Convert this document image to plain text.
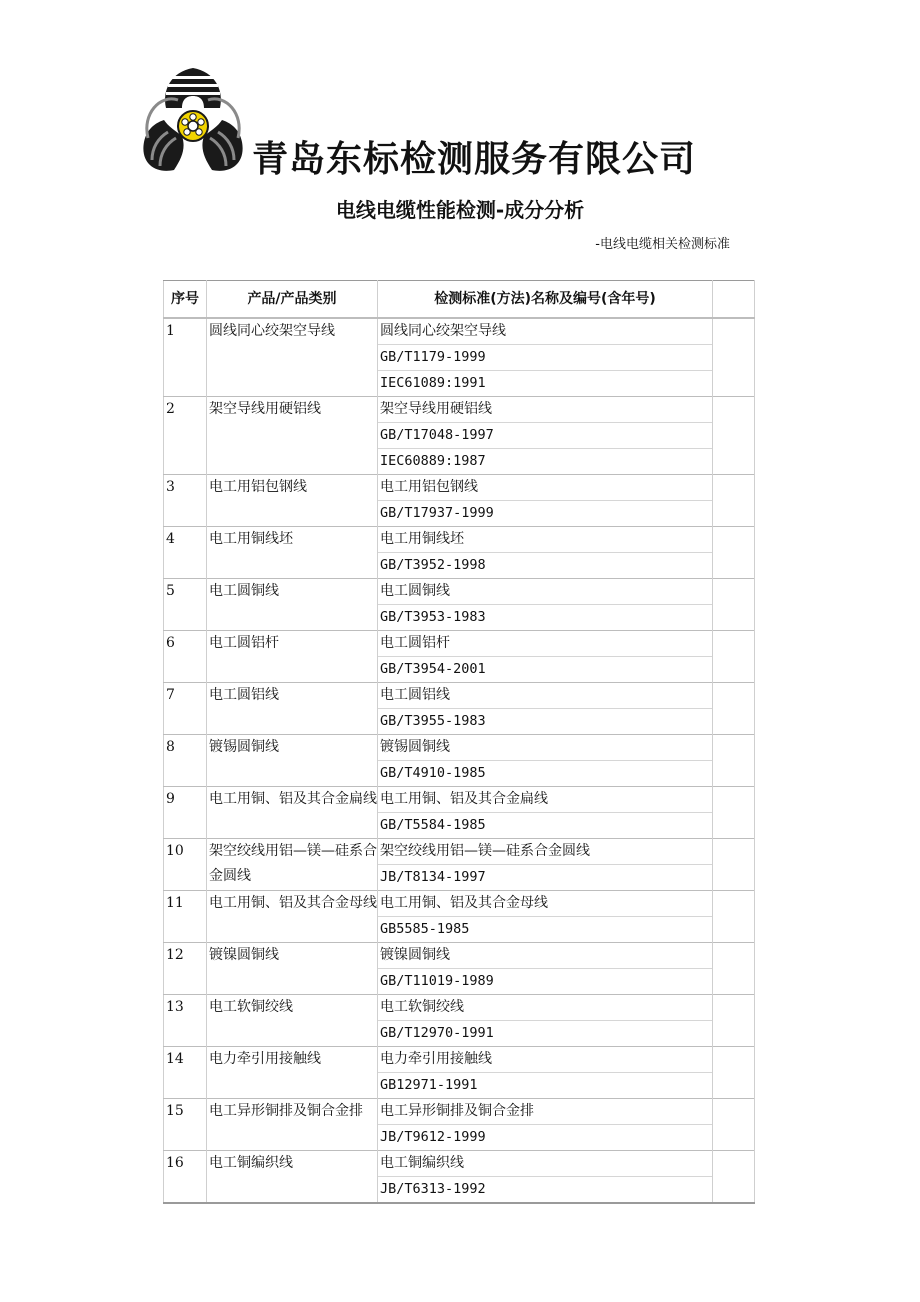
青岛东标检测服务有限公司
电线电缆性能检测-成分分析
-电线电缆相关检测标准
序号	产品/产品类别	检测标准(方法)名称及编号(含年号)	
1	圆线同心绞架空导线	圆线同心绞架空导线	
		GB/T1179-1999	
		IEC61089:1991	
2	架空导线用硬铝线	架空导线用硬铝线	
		GB/T17048-1997	
		IEC60889:1987	
3	电工用铝包钢线	电工用铝包钢线	
		GB/T17937-1999	
4	电工用铜线坯	电工用铜线坯	
		GB/T3952-1998	
5	电工圆铜线	电工圆铜线	
		GB/T3953-1983	
6	电工圆铝杆	电工圆铝杆	
		GB/T3954-2001	
7	电工圆铝线	电工圆铝线	
		GB/T3955-1983	
8	镀锡圆铜线	镀锡圆铜线	
		GB/T4910-1985	
9	电工用铜、铝及其合金扁线	电工用铜、铝及其合金扁线	
		GB/T5584-1985	
10	架空绞线用铝—镁—硅系合金圆线	架空绞线用铝—镁—硅系合金圆线	
		JB/T8134-1997	
11	电工用铜、铝及其合金母线	电工用铜、铝及其合金母线	
		GB5585-1985	
12	镀镍圆铜线	镀镍圆铜线	
		GB/T11019-1989	
13	电工软铜绞线	电工软铜绞线	
		GB/T12970-1991	
14	电力牵引用接触线	电力牵引用接触线	
		GB12971-1991	
15	电工异形铜排及铜合金排	电工异形铜排及铜合金排	
		JB/T9612-1999	
16	电工铜编织线	电工铜编织线	
		JB/T6313-1992	
